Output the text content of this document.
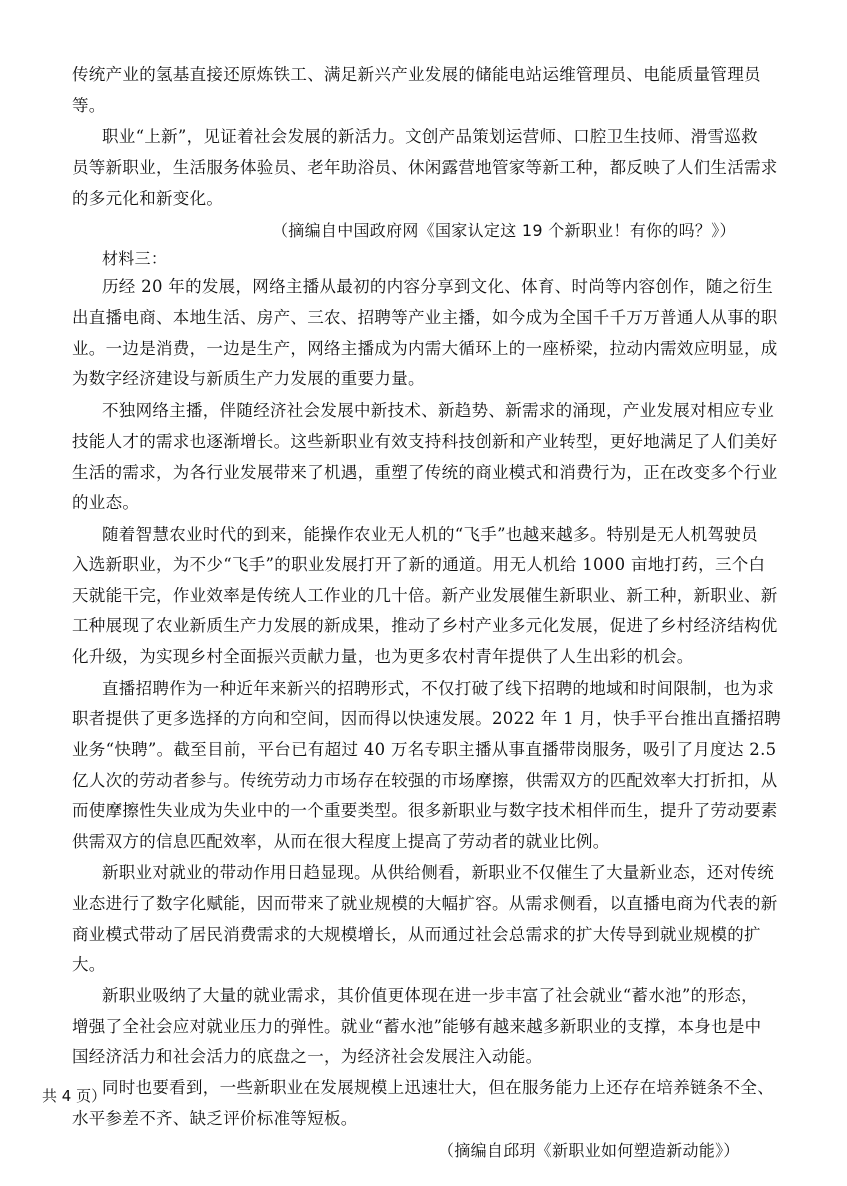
传统产业的氢基直接还原炼铁工、满足新兴产业发展的储能电站运维管理员、电能质量管理员
等。
职业“上新”，见证着社会发展的新活力。文创产品策划运营师、口腔卫生技师、滑雪巡救
员等新职业，生活服务体验员、老年助浴员、休闲露营地管家等新工种，都反映了人们生活需求
的多元化和新变化。
（摘编自中国政府网《国家认定这 19 个新职业！有你的吗？》）
材料三：
历经 20 年的发展，网络主播从最初的内容分享到文化、体育、时尚等内容创作，随之衍生
出直播电商、本地生活、房产、三农、招聘等产业主播，如今成为全国千千万万普通人从事的职
业。一边是消费，一边是生产，网络主播成为内需大循环上的一座桥梁，拉动内需效应明显，成
为数字经济建设与新质生产力发展的重要力量。
不独网络主播，伴随经济社会发展中新技术、新趋势、新需求的涌现，产业发展对相应专业
技能人才的需求也逐渐增长。这些新职业有效支持科技创新和产业转型，更好地满足了人们美好
生活的需求，为各行业发展带来了机遇，重塑了传统的商业模式和消费行为，正在改变多个行业
的业态。
随着智慧农业时代的到来，能操作农业无人机的“飞手”也越来越多。特别是无人机驾驶员
入选新职业，为不少“飞手”的职业发展打开了新的通道。用无人机给 1000 亩地打药，三个白
天就能干完，作业效率是传统人工作业的几十倍。新产业发展催生新职业、新工种，新职业、新
工种展现了农业新质生产力发展的新成果，推动了乡村产业多元化发展，促进了乡村经济结构优
化升级，为实现乡村全面振兴贡献力量，也为更多农村青年提供了人生出彩的机会。
直播招聘作为一种近年来新兴的招聘形式，不仅打破了线下招聘的地域和时间限制，也为求
职者提供了更多选择的方向和空间，因而得以快速发展。2022 年 1 月，快手平台推出直播招聘
业务“快聘”。截至目前，平台已有超过 40 万名专职主播从事直播带岗服务，吸引了月度达 2.5
亿人次的劳动者参与。传统劳动力市场存在较强的市场摩擦，供需双方的匹配效率大打折扣，从
而使摩擦性失业成为失业中的一个重要类型。很多新职业与数字技术相伴而生，提升了劳动要素
供需双方的信息匹配效率，从而在很大程度上提高了劳动者的就业比例。
新职业对就业的带动作用日趋显现。从供给侧看，新职业不仅催生了大量新业态，还对传统
业态进行了数字化赋能，因而带来了就业规模的大幅扩容。从需求侧看，以直播电商为代表的新
商业模式带动了居民消费需求的大规模增长，从而通过社会总需求的扩大传导到就业规模的扩
大。
新职业吸纳了大量的就业需求，其价值更体现在进一步丰富了社会就业“蓄水池”的形态，
增强了全社会应对就业压力的弹性。就业“蓄水池”能够有越来越多新职业的支撑，本身也是中
国经济活力和社会活力的底盘之一，为经济社会发展注入动能。
同时也要看到，一些新职业在发展规模上迅速壮大，但在服务能力上还存在培养链条不全、
水平参差不齐、缺乏评价标准等短板。
（摘编自邱玥《新职业如何塑造新动能》）
共 4 页）
